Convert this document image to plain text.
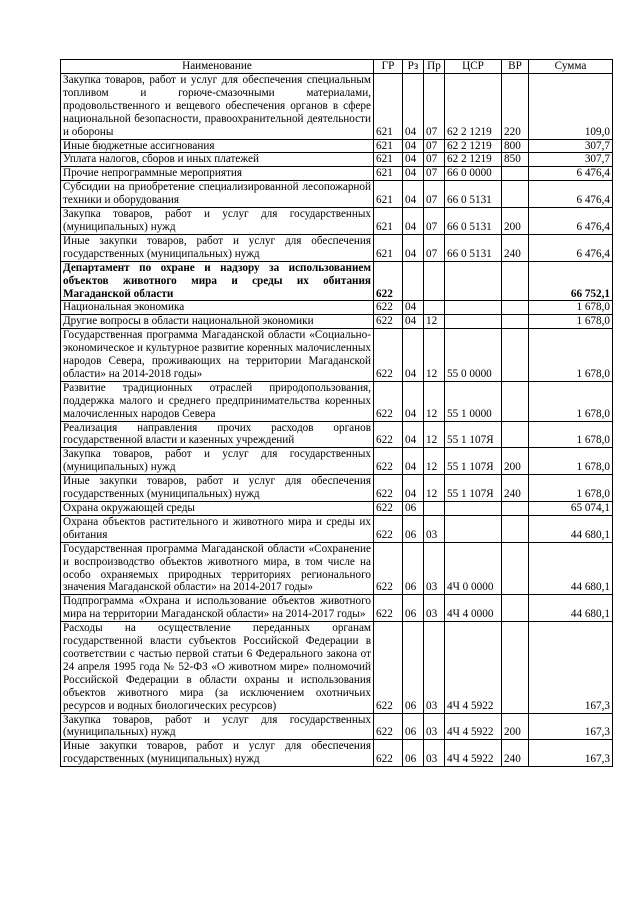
Наименование	ГР	Рз	Пр	ЦСР	ВР	Сумма
Закупка товаров, работ и услуг для обеспечения специальным топливом и горюче-смазочными материалами, продовольственного и вещевого обеспечения органов в сфере национальной безопасности, правоохранительной деятельности и обороны	621	04	07	62 2 1219	220	109,0
Иные бюджетные ассигнования	621	04	07	62 2 1219	800	307,7
Уплата налогов, сборов и иных платежей	621	04	07	62 2 1219	850	307,7
Прочие непрограммные мероприятия	621	04	07	66 0 0000		6 476,4
Субсидии на приобретение специализированной лесопожарной техники и оборудования	621	04	07	66 0 5131		6 476,4
Закупка товаров, работ и услуг для государственных (муниципальных) нужд	621	04	07	66 0 5131	200	6 476,4
Иные закупки товаров, работ и услуг для обеспечения государственных (муниципальных) нужд	621	04	07	66 0 5131	240	6 476,4
Департамент по охране и надзору за использованием объектов животного мира и среды их обитания Магаданской области	622					66 752,1
Национальная экономика	622	04				1 678,0
Другие вопросы в области национальной экономики	622	04	12			1 678,0
Государственная программа Магаданской области «Социально-экономическое и культурное развитие коренных малочисленных народов Севера, проживающих на территории Магаданской области» на 2014-2018 годы»	622	04	12	55 0 0000		1 678,0
Развитие традиционных отраслей природопользования, поддержка малого и среднего предпринимательства коренных малочисленных народов Севера	622	04	12	55 1 0000		1 678,0
Реализация направления прочих расходов органов государственной власти и казенных учреждений	622	04	12	55 1 107Я		1 678,0
Закупка товаров, работ и услуг для государственных (муниципальных) нужд	622	04	12	55 1 107Я	200	1 678,0
Иные закупки товаров, работ и услуг для обеспечения государственных (муниципальных) нужд	622	04	12	55 1 107Я	240	1 678,0
Охрана окружающей среды	622	06				65 074,1
Охрана объектов растительного и животного мира и среды их обитания	622	06	03			44 680,1
Государственная программа Магаданской области «Сохранение и воспроизводство объектов животного мира, в том числе на особо охраняемых природных территориях регионального значения Магаданской области» на 2014-2017 годы»	622	06	03	4Ч 0 0000		44 680,1
Подпрограмма «Охрана и использование объектов животного мира на территории Магаданской области» на 2014-2017 годы»	622	06	03	4Ч 4 0000		44 680,1
Расходы на осуществление переданных органам государственной власти субъектов Российской Федерации в соответствии с частью первой статьи 6 Федерального закона от 24 апреля 1995 года № 52-ФЗ «О животном мире» полномочий Российской Федерации в области охраны и использования объектов животного мира (за исключением охотничьих ресурсов и водных биологических ресурсов)	622	06	03	4Ч 4 5922		167,3
Закупка товаров, работ и услуг для государственных (муниципальных) нужд	622	06	03	4Ч 4 5922	200	167,3
Иные закупки товаров, работ и услуг для обеспечения государственных (муниципальных) нужд	622	06	03	4Ч 4 5922	240	167,3
